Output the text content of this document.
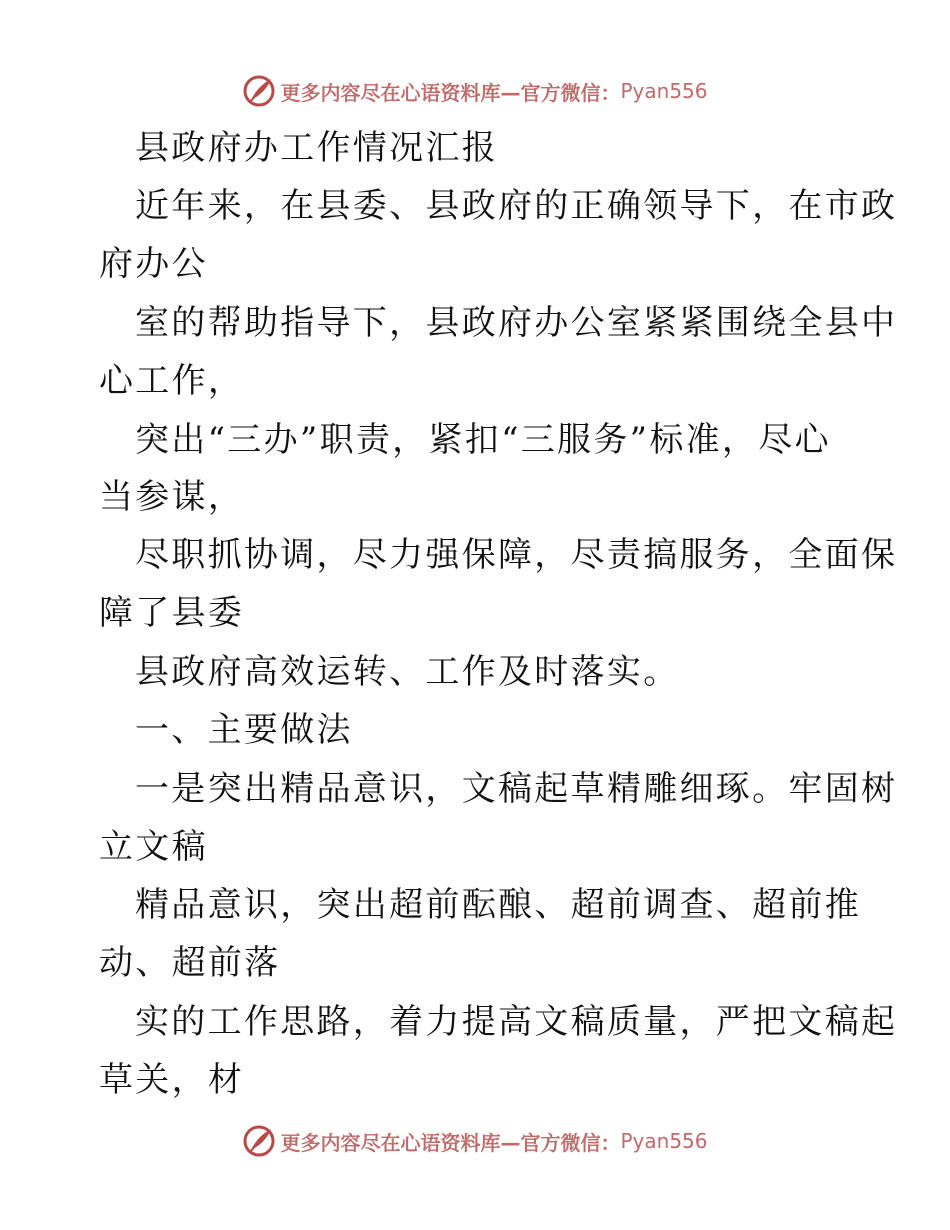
更多内容尽在心语资料库—官方微信： Pyan556
县政府办工作情况汇报
近年来，在县委、县政府的正确领导下，在市政
府办公
室的帮助指导下，县政府办公室紧紧围绕全县中
心工作，
突出“三办”职责，紧扣“三服务”标准，尽心
当参谋，
尽职抓协调，尽力强保障，尽责搞服务，全面保
障了县委
县政府高效运转、工作及时落实。
一、主要做法
一是突出精品意识，文稿起草精雕细琢。牢固树
立文稿
精品意识，突出超前酝酿、超前调查、超前推
动、超前落
实的工作思路，着力提高文稿质量，严把文稿起
草关，材
更多内容尽在心语资料库—官方微信： Pyan556
